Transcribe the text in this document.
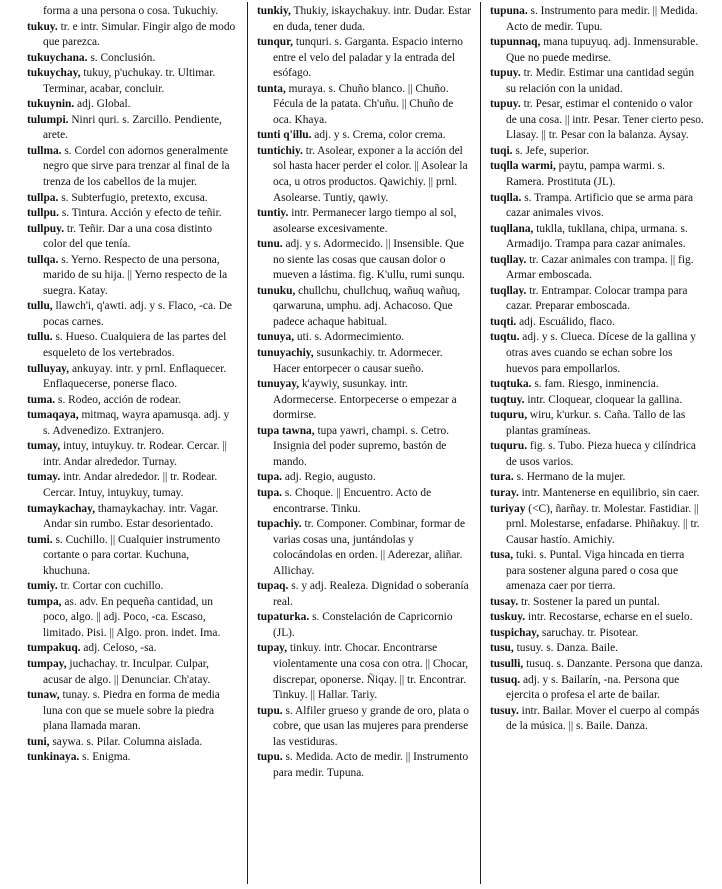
forma a una persona o cosa. Tukuchiy.

tukuy. tr. e intr. Simular. Fingir algo de modo que parezca.

tukuychana. s. Conclusión.

tukuychay, tukuy, p'uchukay. tr. Ultimar. Terminar, acabar, concluir.

tukuynin. adj. Global.

tulumpi. Ninri quri. s. Zarcillo. Pendiente, arete.

tullma. s. Cordel con adornos generalmente negro que sirve para trenzar al final de la trenza de los cabellos de la mujer.

tullpa. s. Subterfugio, pretexto, excusa.

tullpu. s. Tintura. Acción y efecto de teñir.

tullpuy. tr. Teñir. Dar a una cosa distinto color del que tenía.

tullqa. s. Yerno. Respecto de una persona, marido de su hija. || Yerno respecto de la suegra. Katay.

tullu, llawch'i, q'awti. adj. y s. Flaco, -ca. De pocas carnes.

tullu. s. Hueso. Cualquiera de las partes del esqueleto de los vertebrados.

tulluyay, ankuyay. intr. y prnl. Enflaquecer. Enflaquecerse, ponerse flaco.

tuma. s. Rodeo, acción de rodear.

tumaqaya, mitmaq, wayra apamusqa. adj. y s. Advenedizo. Extranjero.

tumay, intuy, intuykuy. tr. Rodear. Cercar. || intr. Andar alrededor. Turnay.

tumay. intr. Andar alrededor. || tr. Rodear. Cercar. Intuy, intuykuy, tumay.

tumaykachay, thamaykachay. intr. Vagar. Andar sin rumbo. Estar desorientado.

tumi. s. Cuchillo. || Cualquier instrumento cortante o para cortar. Kuchuna, khuchuna.

tumiy. tr. Cortar con cuchillo.

tumpa, as. adv. En pequeña cantidad, un poco, algo. || adj. Poco, -ca. Escaso, limitado. Pisi. || Algo. pron. indet. Ima.

tumpakuq. adj. Celoso, -sa.

tumpay, juchachay. tr. Inculpar. Culpar, acusar de algo. || Denunciar. Ch'atay.

tunaw, tunay. s. Piedra en forma de media luna con que se muele sobre la piedra plana llamada maran.

tuni, saywa. s. Pilar. Columna aislada.

tunkinaya. s. Enigma.

tunkiy, Thukiy, iskaychakuy. intr. Dudar. Estar en duda, tener duda.

tunqur, tunquri. s. Garganta. Espacio interno entre el velo del paladar y la entrada del esófago.

tunta, muraya. s. Chuño blanco. || Chuño. Fécula de la patata. Ch'uñu. || Chuño de oca. Khaya.

tunti q'illu. adj. y s. Crema, color crema.

tuntichiy. tr. Asolear, exponer a la acción del sol hasta hacer perder el color. || Asolear la oca, u otros productos. Qawichiy. || prnl. Asolearse. Tuntiy, qawiy.

tuntiy. intr. Permanecer largo tiempo al sol, asolearse excesivamente.

tunu. adj. y s. Adormecido. || Insensible. Que no siente las cosas que causan dolor o mueven a lástima. fig. K'ullu, rumi sunqu.

tunuku, chullchu, chullchuq, wañuq wañuq, qarwaruna, umphu. adj. Achacoso. Que padece achaque habitual.

tunuya, uti. s. Adormecimiento.

tunuyachiy, susunkachiy. tr. Adormecer. Hacer entorpecer o causar sueño.

tunuyay, k'aywiy, susunkay. intr. Adormecerse. Entorpecerse o empezar a dormirse.

tupa tawna, tupa yawri, champi. s. Cetro. Insignia del poder supremo, bastón de mando.

tupa. adj. Regio, augusto.

tupa. s. Choque. || Encuentro. Acto de encontrarse. Tinku.

tupachiy. tr. Componer. Combinar, formar de varias cosas una, juntándolas y colocándolas en orden. || Aderezar, aliñar. Allichay.

tupaq. s. y adj. Realeza. Dignidad o soberanía real.

tupaturka. s. Constelación de Capricornio (JL).

tupay, tinkuy. intr. Chocar. Encontrarse violentamente una cosa con otra. || Chocar, discrepar, oponerse. Ñiqay. || tr. Encontrar. Tinkuy. || Hallar. Tariy.

tupu. s. Alfiler grueso y grande de oro, plata o cobre, que usan las mujeres para prenderse las vestiduras.

tupu. s. Medida. Acto de medir. || Instrumento para medir. Tupuna.

tupuna. s. Instrumento para medir. || Medida. Acto de medir. Tupu.

tupunnaq, mana tupuyuq. adj. Inmensurable. Que no puede medirse.

tupuy. tr. Medir. Estimar una cantidad según su relación con la unidad.

tupuy. tr. Pesar, estimar el contenido o valor de una cosa. || intr. Pesar. Tener cierto peso. Llasay. || tr. Pesar con la balanza. Aysay.

tuqi. s. Jefe, superior.

tuqlla warmi, paytu, pampa warmi. s. Ramera. Prostituta (JL).

tuqlla. s. Trampa. Artificio que se arma para cazar animales vivos.

tuqllana, tuklla, tukllana, chipa, urmana. s. Armadijo. Trampa para cazar animales.

tuqllay. tr. Cazar animales con trampa. || fig. Armar emboscada.

tuqllay. tr. Entrampar. Colocar trampa para cazar. Preparar emboscada.

tuqti. adj. Escuálido, flaco.

tuqtu. adj. y s. Clueca. Dícese de la gallina y otras aves cuando se echan sobre los huevos para empollarlos.

tuqtuka. s. fam. Riesgo, inminencia.

tuqtuy. intr. Cloquear, cloquear la gallina.

tuquru, wiru, k'urkur. s. Caña. Tallo de las plantas gramíneas.

tuquru. fig. s. Tubo. Pieza hueca y cilíndrica de usos varios.

tura. s. Hermano de la mujer.

turay. intr. Mantenerse en equilibrio, sin caer.

turiyay (<C), ñarñay. tr. Molestar. Fastidiar. || prnl. Molestarse, enfadarse. Phiñakuy. || tr. Causar hastío. Amichiy.

tusa, tuki. s. Puntal. Viga hincada en tierra para sostener alguna pared o cosa que amenaza caer por tierra.

tusay. tr. Sostener la pared un puntal.

tuskuy. intr. Recostarse, echarse en el suelo.

tuspichay, saruchay. tr. Pisotear.

tusu, tusuy. s. Danza. Baile.

tusulli, tusuq. s. Danzante. Persona que danza.

tusuq. adj. y s. Bailarín, -na. Persona que ejercita o profesa el arte de bailar.

tusuy. intr. Bailar. Mover el cuerpo al compás de la música. || s. Baile. Danza.
